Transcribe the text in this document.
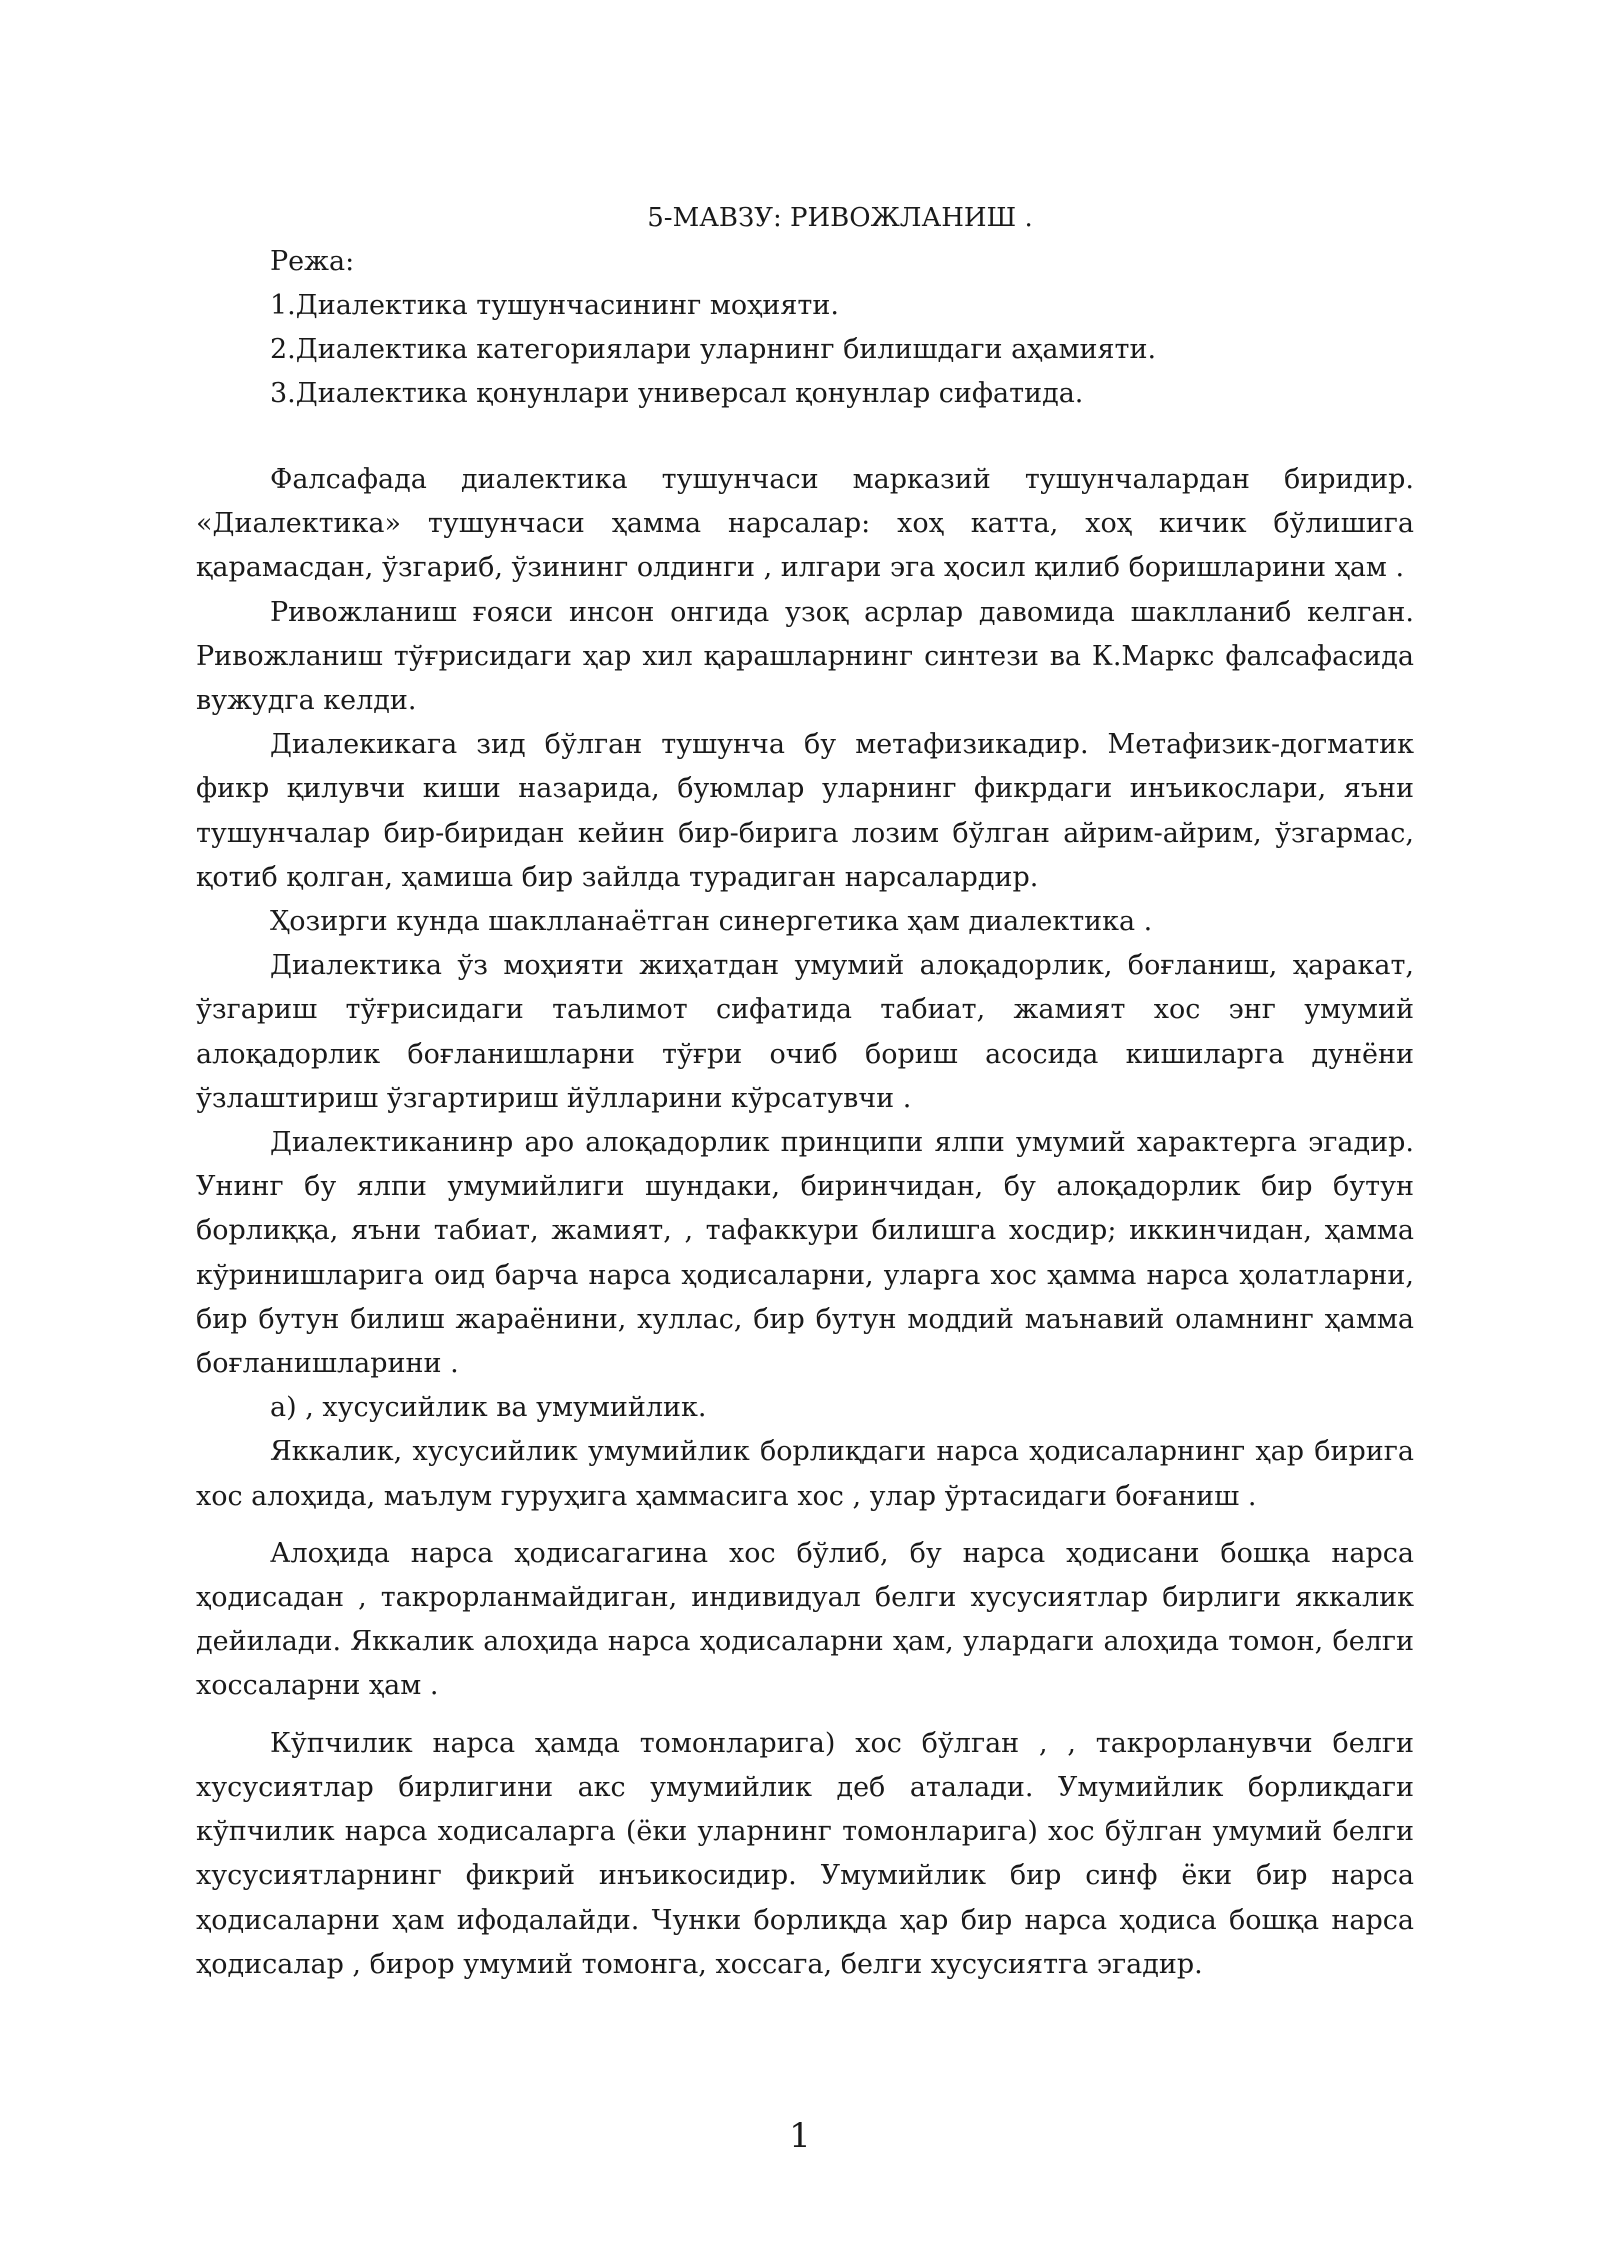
5-МАВЗУ: РИВОЖЛАНИШ .
Режа:
1.Диалектика тушунчасининг моҳияти.
2.Диалектика категориялари уларнинг билишдаги аҳамияти.
3.Диалектика қонунлари универсал қонунлар сифатида.

Фалсафада диалектика тушунчаси марказий тушунчалардан биридир. «Диалектика» тушунчаси ҳамма нарсалар: хоҳ катта, хоҳ кичик бўлишига қарамасдан, ўзгариб, ўзининг олдинги , илгари эга ҳосил қилиб боришларини ҳам .

Ривожланиш ғояси инсон онгида узоқ асрлар давомида шаклланиб келган. Ривожланиш тўғрисидаги ҳар хил қарашларнинг синтези ва К.Маркс фалсафасида вужудга келди.

Диалекикага зид бўлган тушунча бу метафизикадир. Метафизик-догматик фикр қилувчи киши назарида, буюмлар уларнинг фикрдаги инъикослари, яъни тушунчалар бир-биридан кейин бир-бирига лозим бўлган айрим-айрим, ўзгармас, қотиб қолган, ҳамиша бир зайлда турадиган нарсалардир.

Ҳозирги кунда шаклланаётган синергетика ҳам диалектика .

Диалектика ўз моҳияти жиҳатдан умумий алоқадорлик, боғланиш, ҳаракат, ўзгариш тўғрисидаги таълимот сифатида табиат, жамият хос энг умумий алоқадорлик боғланишларни тўғри очиб бориш асосида кишиларга дунёни ўзлаштириш ўзгартириш йўлларини кўрсатувчи .

Диалектиканинр аро алоқадорлик принципи ялпи умумий характерга эгадир. Унинг бу ялпи умумийлиги шундаки, биринчидан, бу алоқадорлик бир бутун борлиққа, яъни табиат, жамият, , тафаккури билишга хосдир; иккинчидан, ҳамма кўринишларига оид барча нарса ҳодисаларни, уларга хос ҳамма нарса ҳолатларни, бир бутун билиш жараёнини, хуллас, бир бутун моддий маънавий оламнинг ҳамма боғланишларини .

а) , хусусийлик ва умумийлик.

Яккалик, хусусийлик умумийлик борлиқдаги нарса ҳодисаларнинг ҳар бирига хос алоҳида, маълум гуруҳига ҳаммасига хос , улар ўртасидаги боғаниш .

Алоҳида нарса ҳодисагагина хос бўлиб, бу нарса ҳодисани бошқа нарса ҳодисадан , такрорланмайдиган, индивидуал белги хусусиятлар бирлиги яккалик дейилади. Яккалик алоҳида нарса ҳодисаларни ҳам, улардаги алоҳида томон, белги хоссаларни ҳам .

Кўпчилик нарса ҳамда томонларига) хос бўлган , , такрорланувчи белги хусусиятлар бирлигини акс умумийлик деб аталади. Умумийлик борлиқдаги кўпчилик нарса ходисаларга (ёки уларнинг томонларига) хос бўлган умумий белги хусусиятларнинг фикрий инъикосидир. Умумийлик бир синф ёки бир нарса ҳодисаларни ҳам ифодалайди. Чунки борлиқда ҳар бир нарса ҳодиса бошқа нарса ҳодисалар , бирор умумий томонга, хоссага, белги хусусиятга эгадир.

1
